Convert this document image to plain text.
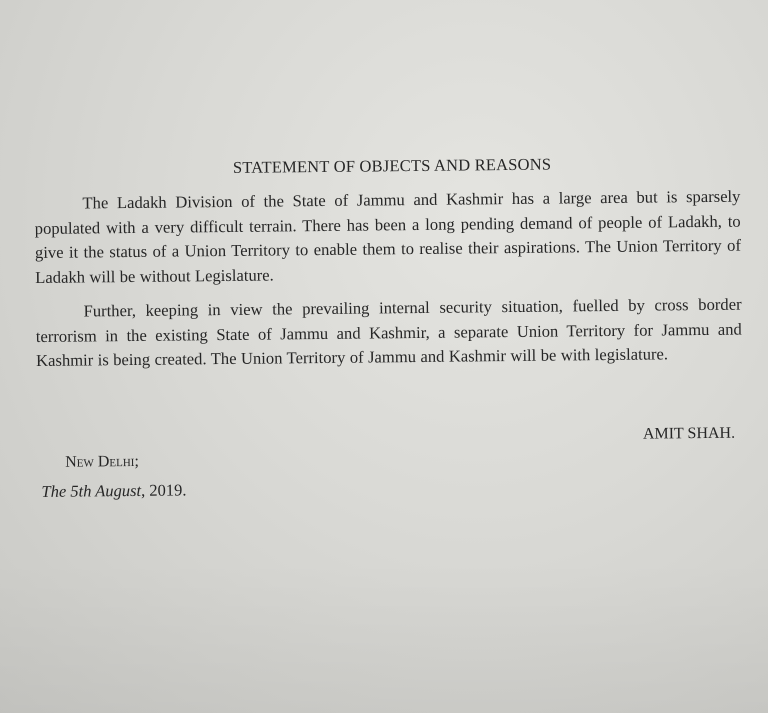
STATEMENT OF OBJECTS AND REASONS

The Ladakh Division of the State of Jammu and Kashmir has a large area but is sparsely populated with a very difficult terrain. There has been a long pending demand of people of Ladakh, to give it the status of a Union Territory to enable them to realise their aspirations. The Union Territory of Ladakh will be without Legislature.

Further, keeping in view the prevailing internal security situation, fuelled by cross border terrorism in the existing State of Jammu and Kashmir, a separate Union Territory for Jammu and Kashmir is being created. The Union Territory of Jammu and Kashmir will be with legislature.

AMIT SHAH.
New Delhi;
The 5th August, 2019.
